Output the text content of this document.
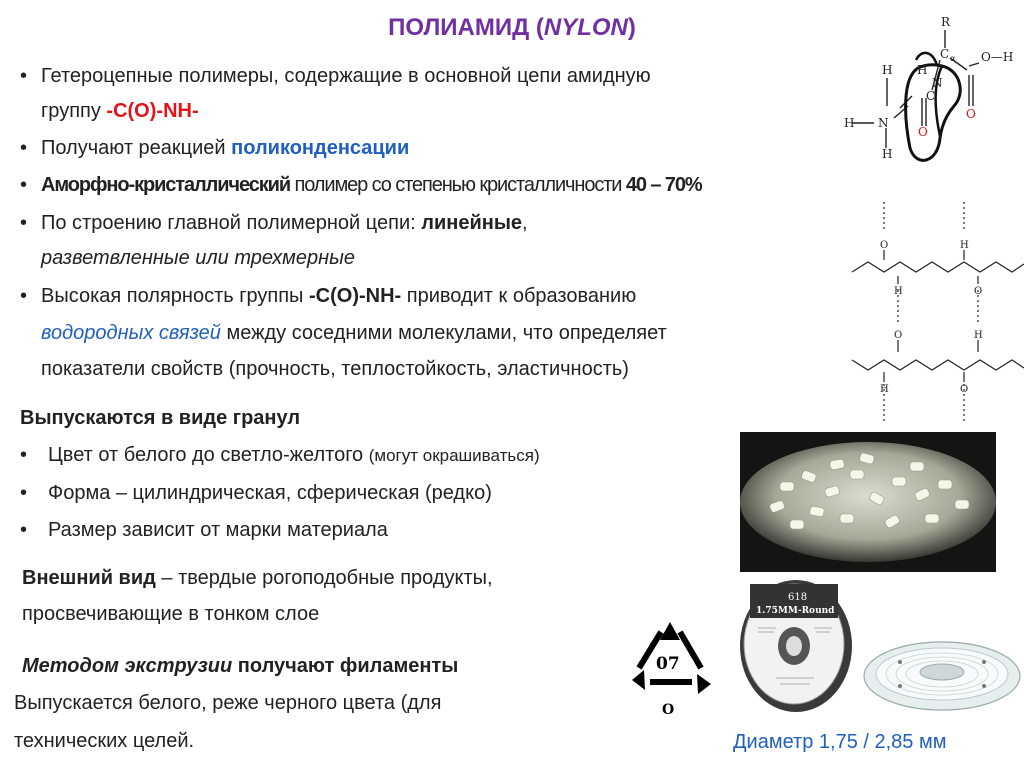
ПОЛИАМИД (NYLON)
• Гетероцепные полимеры, содержащие в основной цепи амидную
группу -C(O)-NH-
• Получают реакцией поликонденсации
• Аморфно-кристаллический полимер со степенью кристалличности 40 – 70%
• По строению главной полимерной цепи: линейные,
разветвленные или трехмерные
• Высокая полярность группы -C(O)-NH- приводит к образованию
водородных связей между соседними молекулами, что определяет
показатели свойств (прочность, теплостойкость, эластичность)
Выпускаются в виде гранул
• Цвет от белого до светло-желтого (могут окрашиваться)
• Форма – цилиндрическая, сферическая (редко)
• Размер зависит от марки материала
Внешний вид – твердые рогоподобные продукты,
просвечивающие в тонком слое
Методом экструзии получают филаменты
Выпускается белого, реже черного цвета (для
технических целей.	Диаметр 1,75 / 2,85 мм
R
C α O—H
O
H
C
N
H
H N
H
O
O	H
H	O
O	H
H	O
618
1.75MM-Round
07
O
